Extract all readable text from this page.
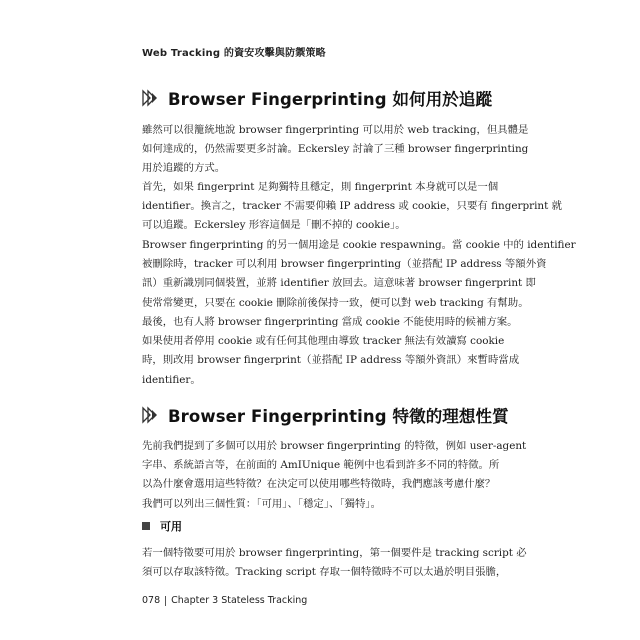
Web Tracking 的資安攻擊與防禦策略
Browser Fingerprinting 如何用於追蹤
雖然可以很籠統地說 browser fingerprinting 可以用於 web tracking，但具體是
如何達成的，仍然需要更多討論。Eckersley 討論了三種 browser fingerprinting
用於追蹤的方式。
首先，如果 fingerprint 足夠獨特且穩定，則 fingerprint 本身就可以是一個
identifier。換言之，tracker 不需要仰賴 IP address 或 cookie，只要有 fingerprint 就
可以追蹤。Eckersley 形容這個是「刪不掉的 cookie」。
Browser fingerprinting 的另一個用途是 cookie respawning。當 cookie 中的 identifier
被刪除時，tracker 可以利用 browser fingerprinting（並搭配 IP address 等額外資
訊）重新識別同個裝置，並將 identifier 放回去。這意味著 browser fingerprint 即
使常常變更，只要在 cookie 刪除前後保持一致，便可以對 web tracking 有幫助。
最後，也有人將 browser fingerprinting 當成 cookie 不能使用時的候補方案。
如果使用者停用 cookie 或有任何其他理由導致 tracker 無法有效讀寫 cookie
時，則改用 browser fingerprint（並搭配 IP address 等額外資訊）來暫時當成
identifier。
Browser Fingerprinting 特徵的理想性質
先前我們提到了多個可以用於 browser fingerprinting 的特徵，例如 user-agent
字串、系統語言等，在前面的 AmIUnique 範例中也看到許多不同的特徵。所
以為什麼會選用這些特徵？在決定可以使用哪些特徵時，我們應該考慮什麼？
我們可以列出三個性質：「可用」、「穩定」、「獨特」。
可用
若一個特徵要可用於 browser fingerprinting，第一個要件是 tracking script 必
須可以存取該特徵。Tracking script 存取一個特徵時不可以太過於明目張膽，
078 Chapter 3 Stateless Tracking
